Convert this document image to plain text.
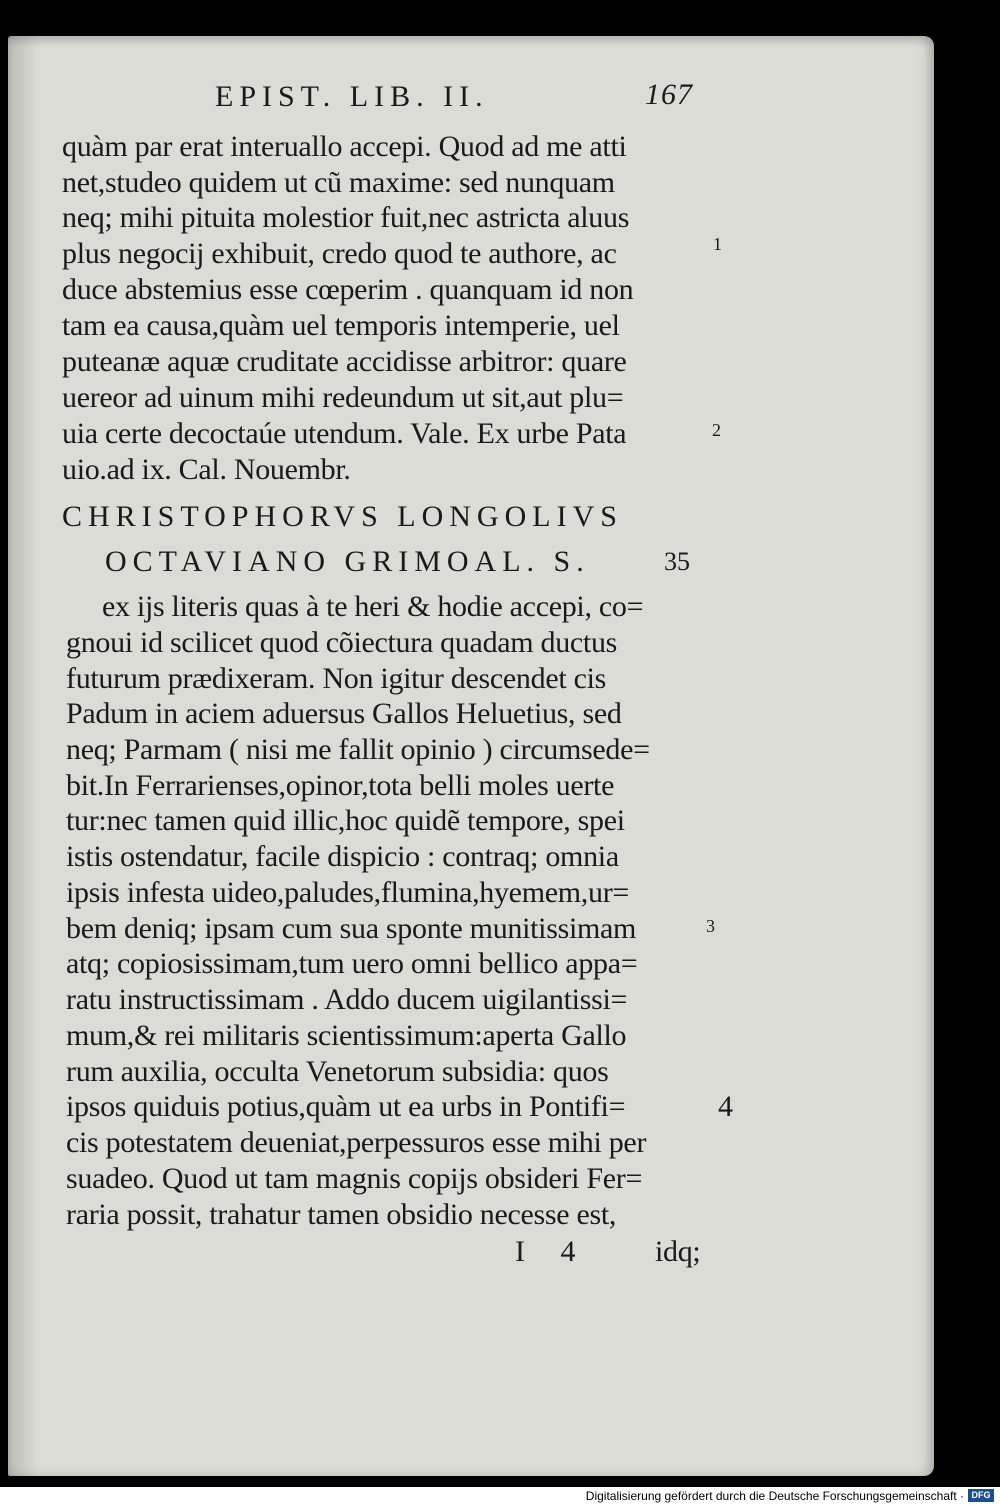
EPIST. LIB. II.	167
quàm par erat interuallo accepi. Quod ad me atti
net,studeo quidem ut cũ maxime: sed nunquam
neq; mihi pituita molestior fuit,nec astricta aluus
plus negocij exhibuit, credo quod te authore, ac
duce abstemius esse cœperim . quanquam id non
tam ea causa,quàm uel temporis intemperie, uel
puteanæ aquæ cruditate accidisse arbitror: quare
uereor ad uinum mihi redeundum ut sit,aut plu=
uia certe decoctaúe utendum. Vale. Ex urbe Pata
uio.ad ix. Cal. Nouembr.
CHRISTOPHORVS LONGOLIVS
OCTAVIANO GRIMOAL. S.
ex ijs literis quas à te heri & hodie accepi, co=
gnoui id scilicet quod cõiectura quadam ductus
futurum prædixeram. Non igitur descendet cis
Padum in aciem aduersus Gallos Heluetius, sed
neq; Parmam ( nisi me fallit opinio ) circumsede=
bit.In Ferrarienses,opinor,tota belli moles uerte
tur:nec tamen quid illic,hoc quidẽ tempore, spei
istis ostendatur, facile dispicio : contraq; omnia
ipsis infesta uideo,paludes,flumina,hyemem,ur=
bem deniq; ipsam cum sua sponte munitissimam
atq; copiosissimam,tum uero omni bellico appa=
ratu instructissimam . Addo ducem uigilantissi=
mum,& rei militaris scientissimum:aperta Gallo
rum auxilia, occulta Venetorum subsidia: quos
ipsos quiduis potius,quàm ut ea urbs in Pontifi=
cis potestatem deueniat,perpessuros esse mihi per
suadeo. Quod ut tam magnis copijs obsideri Fer=
raria possit, trahatur tamen obsidio necesse est,
I 4 idq;
35
1
2
3
4
Digitalisierung gefördert durch die Deutsche Forschungsgemeinschaft · DFG
